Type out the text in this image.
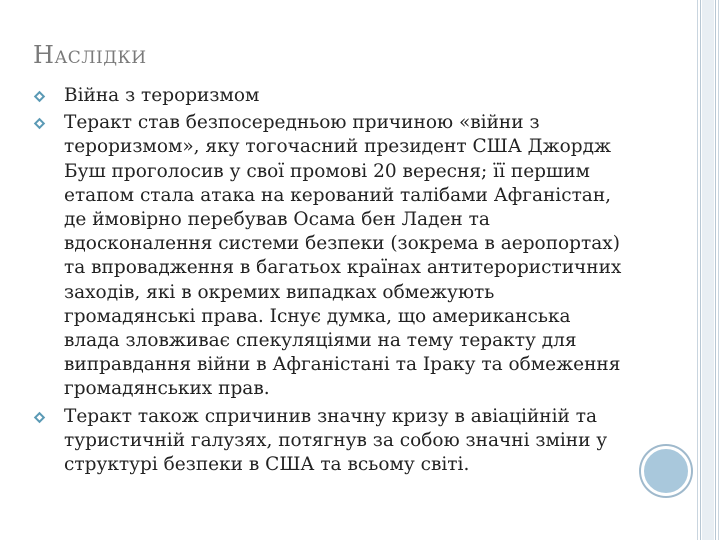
НАСЛІДКИ
Війна з тероризмом
Теракт став безпосередньою причиною «війни з тероризмом», яку тогочасний президент США Джордж Буш проголосив у свої промові 20 вересня; її першим етапом стала атака на керований талібами Афганістан, де ймовірно перебував Осама бен Ладен та вдосконалення системи безпеки (зокрема в аеропортах) та впровадження в багатьох країнах антитерористичних заходів, які в окремих випадках обмежують громадянські права. Існує думка, що американська влада зловживає спекуляціями на тему теракту для виправдання війни в Афганістані та Іраку та обмеження громадянських прав.
Теракт також спричинив значну кризу в авіаційній та туристичній галузях, потягнув за собою значні зміни у структурі безпеки в США та всьому світі.
